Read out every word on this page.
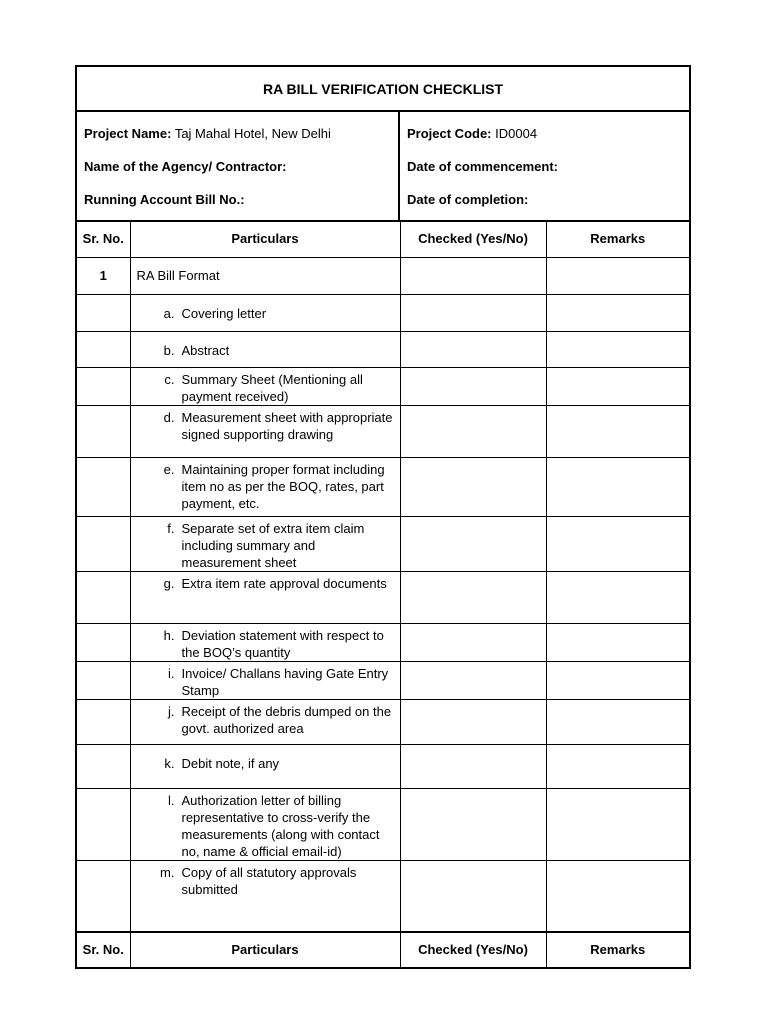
RA BILL VERIFICATION CHECKLIST
Project Name: Taj Mahal Hotel, New Delhi
Name of the Agency/ Contractor:
Running Account Bill No.:
Project Code: ID0004
Date of commencement:
Date of completion:
Sr. No.	Particulars	Checked (Yes/No)	Remarks
1	RA Bill Format		

	a. Covering letter		

	b. Abstract		

	c. Summary Sheet (Mentioning all payment received)		

	d. Measurement sheet with appropriate signed supporting drawing		

	e. Maintaining proper format including item no as per the BOQ, rates, part payment, etc.		

	f. Separate set of extra item claim including summary and measurement sheet		

	g. Extra item rate approval documents		

	h. Deviation statement with respect to the BOQ’s quantity		

	i. Invoice/ Challans having Gate Entry Stamp		

	j. Receipt of the debris dumped on the govt. authorized area		

	k. Debit note, if any		

	l. Authorization letter of billing representative to cross-verify the measurements (along with contact no, name & official email-id)		

	m. Copy of all statutory approvals submitted		

Sr. No.	Particulars	Checked (Yes/No)	Remarks
